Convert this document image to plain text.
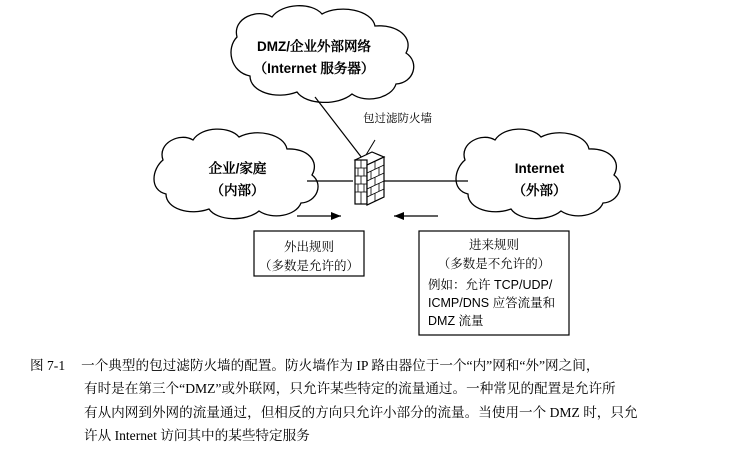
DMZ/企业外部网络
（Internet 服务器）
企业/家庭
（内部）
Internet
（外部）
包过滤防火墙
外出规则
（多数是允许的）
进来规则
（多数是不允许的）
例如：允许 TCP/UDP/
ICMP/DNS 应答流量和
DMZ 流量
图 7-1 一个典型的包过滤防火墙的配置。防火墙作为 IP 路由器位于一个“内”网和“外”网之间，
有时是在第三个“DMZ”或外联网，只允许某些特定的流量通过。一种常见的配置是允许所
有从内网到外网的流量通过，但相反的方向只允许小部分的流量。当使用一个 DMZ 时，只允
许从 Internet 访问其中的某些特定服务
